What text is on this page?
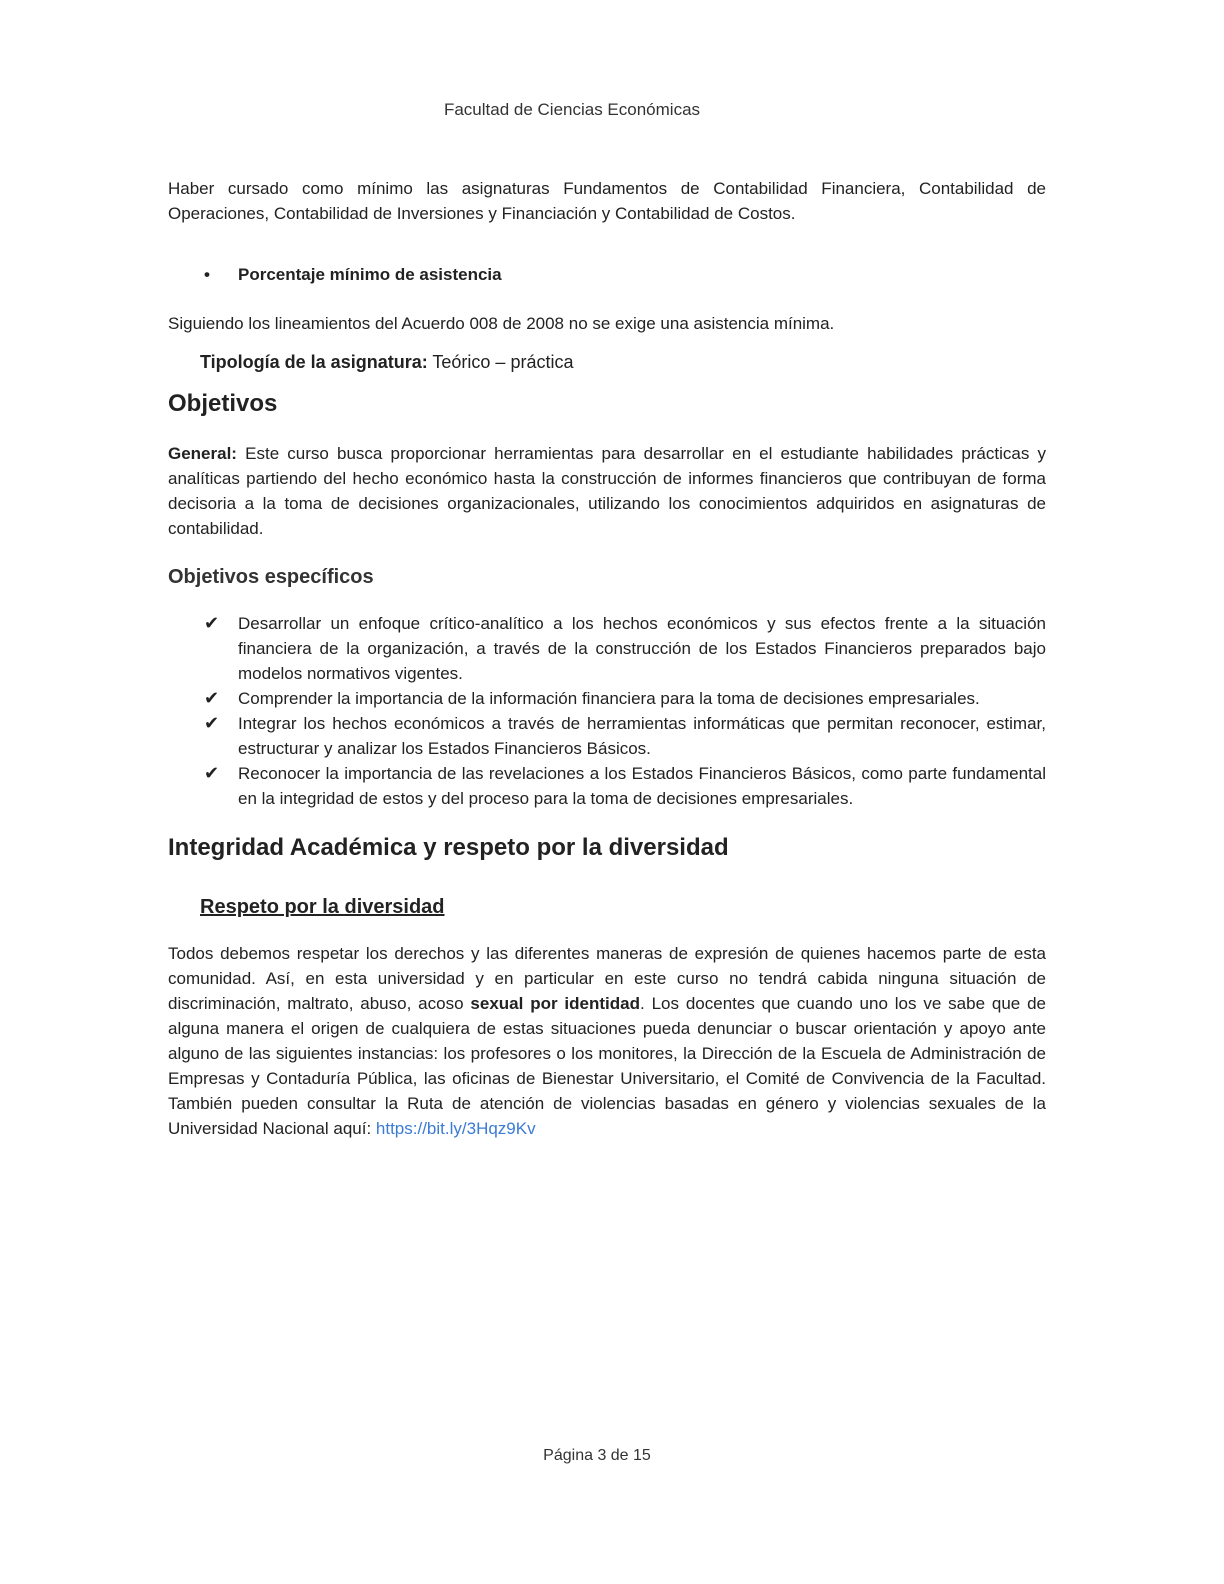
Facultad de Ciencias Económicas

Haber cursado como mínimo las asignaturas Fundamentos de Contabilidad Financiera, Contabilidad de Operaciones, Contabilidad de Inversiones y Financiación y Contabilidad de Costos.

•	Porcentaje mínimo de asistencia

Siguiendo los lineamientos del Acuerdo 008 de 2008 no se exige una asistencia mínima.

Tipología de la asignatura: Teórico – práctica
Objetivos

General: Este curso busca proporcionar herramientas para desarrollar en el estudiante habilidades prácticas y analíticas partiendo del hecho económico hasta la construcción de informes financieros que contribuyan de forma decisoria a la toma de decisiones organizacionales, utilizando los conocimientos adquiridos en asignaturas de contabilidad.

Objetivos específicos
✔	Desarrollar un enfoque crítico-analítico a los hechos económicos y sus efectos frente a la situación financiera de la organización, a través de la construcción de los Estados Financieros preparados bajo modelos normativos vigentes.
✔	Comprender la importancia de la información financiera para la toma de decisiones empresariales.
✔	Integrar los hechos económicos a través de herramientas informáticas que permitan reconocer, estimar, estructurar y analizar los Estados Financieros Básicos.
✔	Reconocer la importancia de las revelaciones a los Estados Financieros Básicos, como parte fundamental en la integridad de estos y del proceso para la toma de decisiones empresariales.
Integridad Académica y respeto por la diversidad
Respeto por la diversidad

Todos debemos respetar los derechos y las diferentes maneras de expresión de quienes hacemos parte de esta comunidad. Así, en esta universidad y en particular en este curso no tendrá cabida ninguna situación de discriminación, maltrato, abuso, acoso sexual por identidad. Los docentes que cuando uno los ve sabe que de alguna manera el origen de cualquiera de estas situaciones pueda denunciar o buscar orientación y apoyo ante alguno de las siguientes instancias: los profesores o los monitores, la Dirección de la Escuela de Administración de Empresas y Contaduría Pública, las oficinas de Bienestar Universitario, el Comité de Convivencia de la Facultad. También pueden consultar la Ruta de atención de violencias basadas en género y violencias sexuales de la Universidad Nacional aquí: https://bit.ly/3Hqz9Kv

Página 3 de 15
